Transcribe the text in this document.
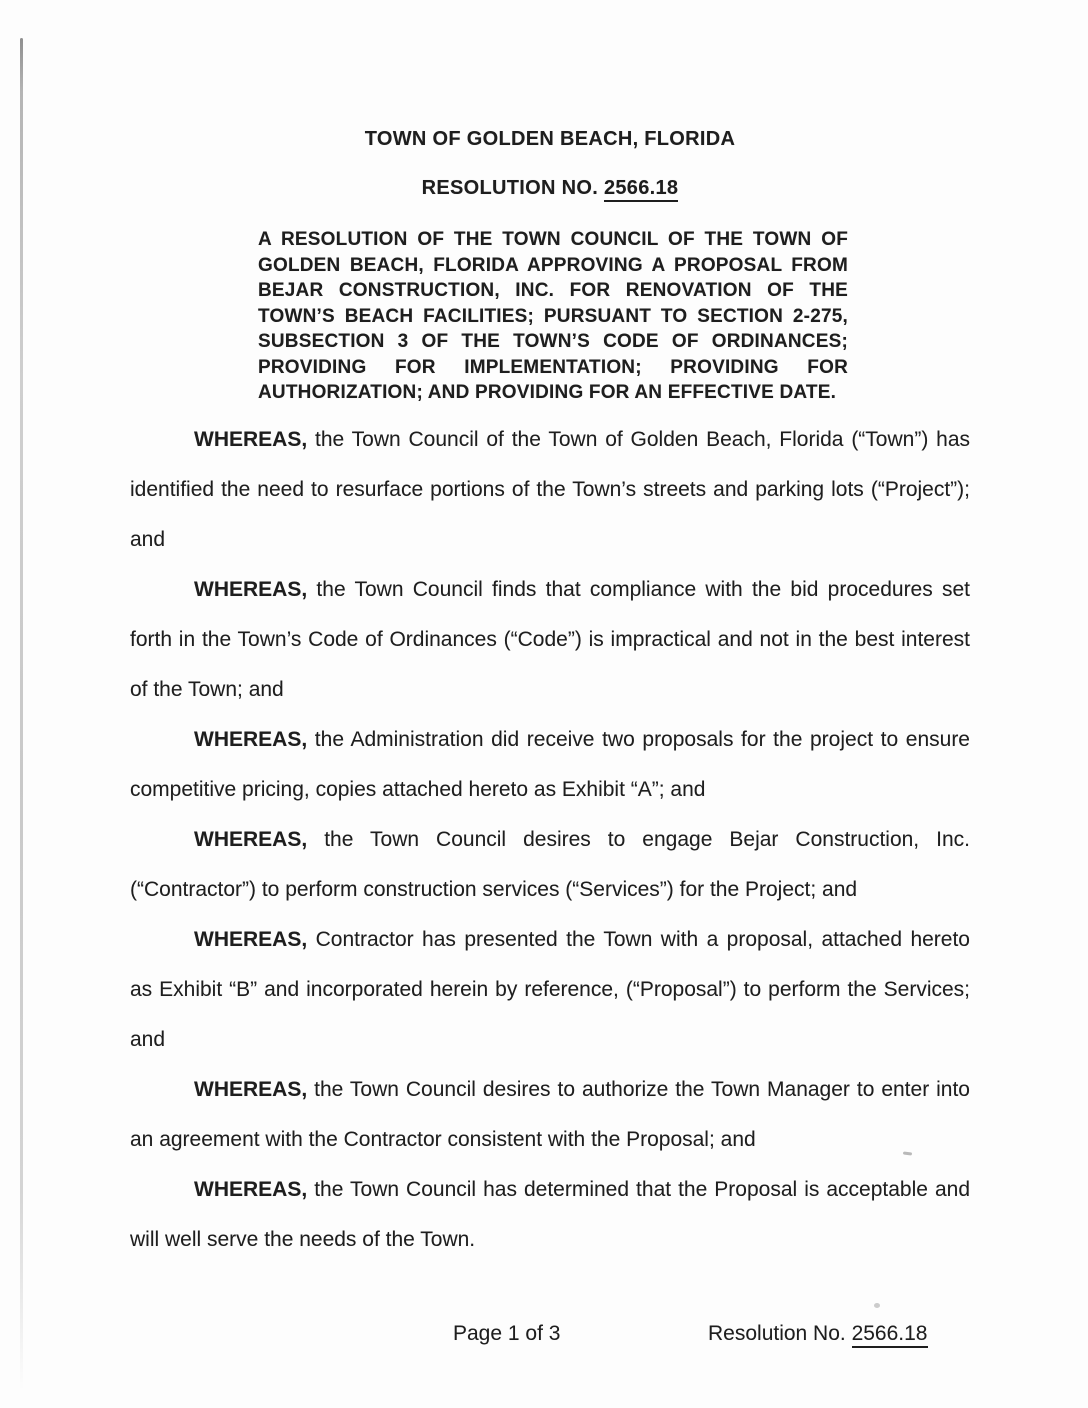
TOWN OF GOLDEN BEACH, FLORIDA
RESOLUTION NO. 2566.18
A RESOLUTION OF THE TOWN COUNCIL OF THE TOWN OF GOLDEN BEACH, FLORIDA APPROVING A PROPOSAL FROM BEJAR CONSTRUCTION, INC. FOR RENOVATION OF THE TOWN’S BEACH FACILITIES; PURSUANT TO SECTION 2-275, SUBSECTION 3 OF THE TOWN’S CODE OF ORDINANCES; PROVIDING FOR IMPLEMENTATION; PROVIDING FOR AUTHORIZATION; AND PROVIDING FOR AN EFFECTIVE DATE.

WHEREAS, the Town Council of the Town of Golden Beach, Florida (“Town”) has identified the need to resurface portions of the Town’s streets and parking lots (“Project”); and

WHEREAS, the Town Council finds that compliance with the bid procedures set forth in the Town’s Code of Ordinances (“Code”) is impractical and not in the best interest of the Town; and

WHEREAS, the Administration did receive two proposals for the project to ensure competitive pricing, copies attached hereto as Exhibit “A”; and

WHEREAS, the Town Council desires to engage Bejar Construction, Inc. (“Contractor”) to perform construction services (“Services”) for the Project; and

WHEREAS, Contractor has presented the Town with a proposal, attached hereto as Exhibit “B” and incorporated herein by reference, (“Proposal”) to perform the Services; and

WHEREAS, the Town Council desires to authorize the Town Manager to enter into an agreement with the Contractor consistent with the Proposal; and

WHEREAS, the Town Council has determined that the Proposal is acceptable and will well serve the needs of the Town.

Page 1 of 3	Resolution No. 2566.18
